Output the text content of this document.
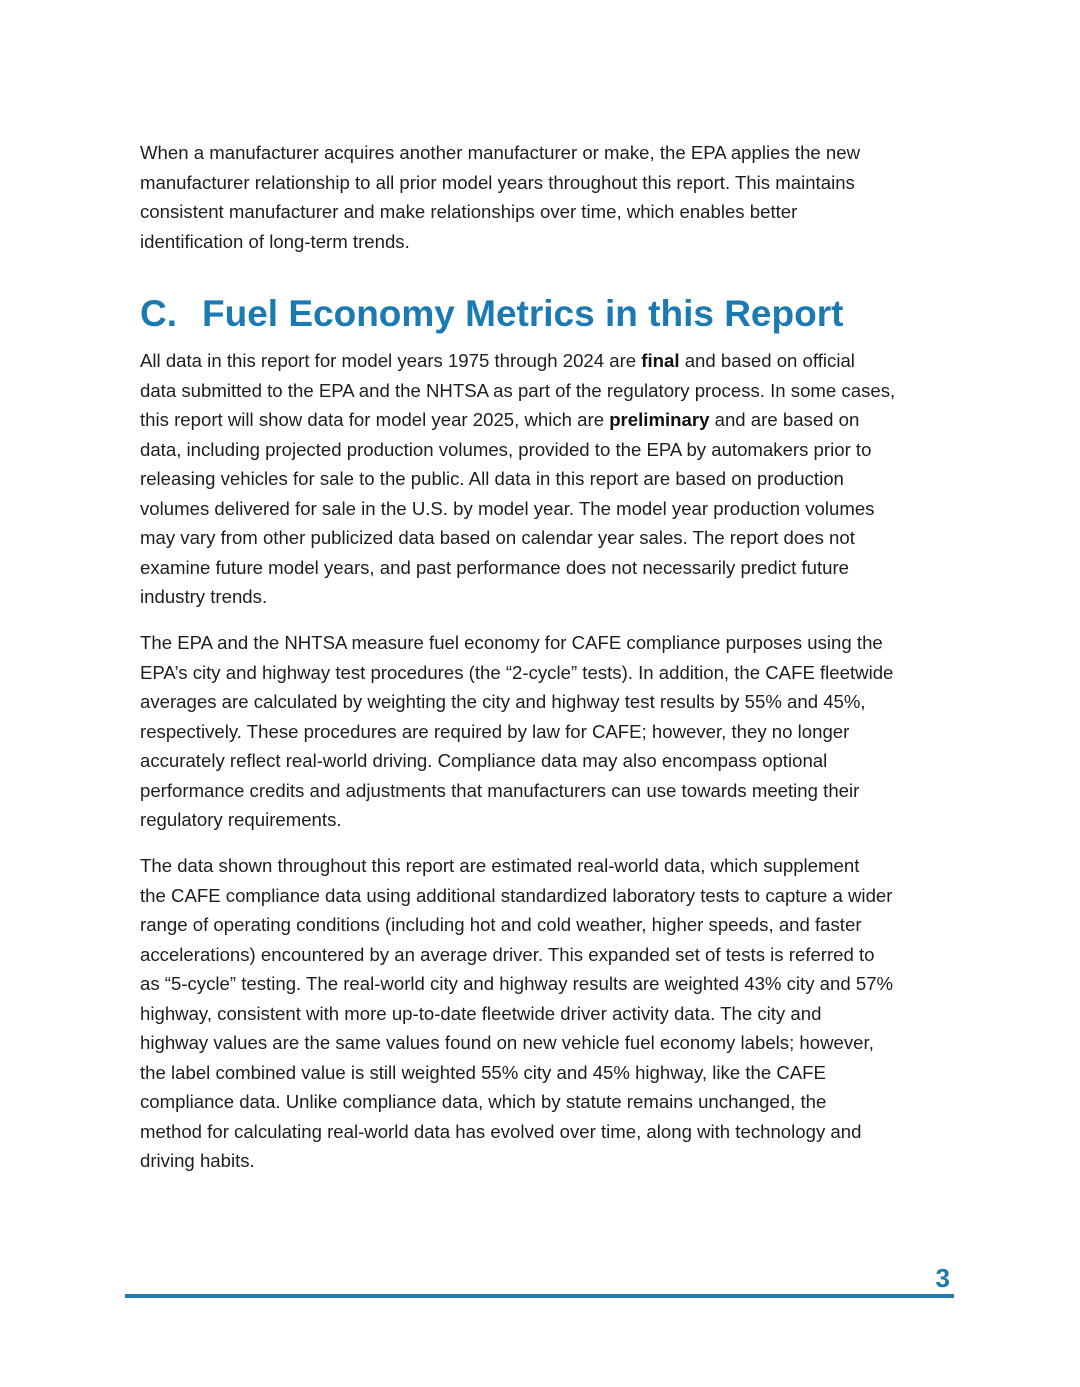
When a manufacturer acquires another manufacturer or make, the EPA applies the new
manufacturer relationship to all prior model years throughout this report. This maintains
consistent manufacturer and make relationships over time, which enables better
identification of long-term trends.
C. Fuel Economy Metrics in this Report
All data in this report for model years 1975 through 2024 are final and based on official
data submitted to the EPA and the NHTSA as part of the regulatory process. In some cases,
this report will show data for model year 2025, which are preliminary and are based on
data, including projected production volumes, provided to the EPA by automakers prior to
releasing vehicles for sale to the public. All data in this report are based on production
volumes delivered for sale in the U.S. by model year. The model year production volumes
may vary from other publicized data based on calendar year sales. The report does not
examine future model years, and past performance does not necessarily predict future
industry trends.
The EPA and the NHTSA measure fuel economy for CAFE compliance purposes using the
EPA’s city and highway test procedures (the “2-cycle” tests). In addition, the CAFE fleetwide
averages are calculated by weighting the city and highway test results by 55% and 45%,
respectively. These procedures are required by law for CAFE; however, they no longer
accurately reflect real-world driving. Compliance data may also encompass optional
performance credits and adjustments that manufacturers can use towards meeting their
regulatory requirements.
The data shown throughout this report are estimated real-world data, which supplement
the CAFE compliance data using additional standardized laboratory tests to capture a wider
range of operating conditions (including hot and cold weather, higher speeds, and faster
accelerations) encountered by an average driver. This expanded set of tests is referred to
as “5-cycle” testing. The real-world city and highway results are weighted 43% city and 57%
highway, consistent with more up-to-date fleetwide driver activity data. The city and
highway values are the same values found on new vehicle fuel economy labels; however,
the label combined value is still weighted 55% city and 45% highway, like the CAFE
compliance data. Unlike compliance data, which by statute remains unchanged, the
method for calculating real-world data has evolved over time, along with technology and
driving habits.
3
